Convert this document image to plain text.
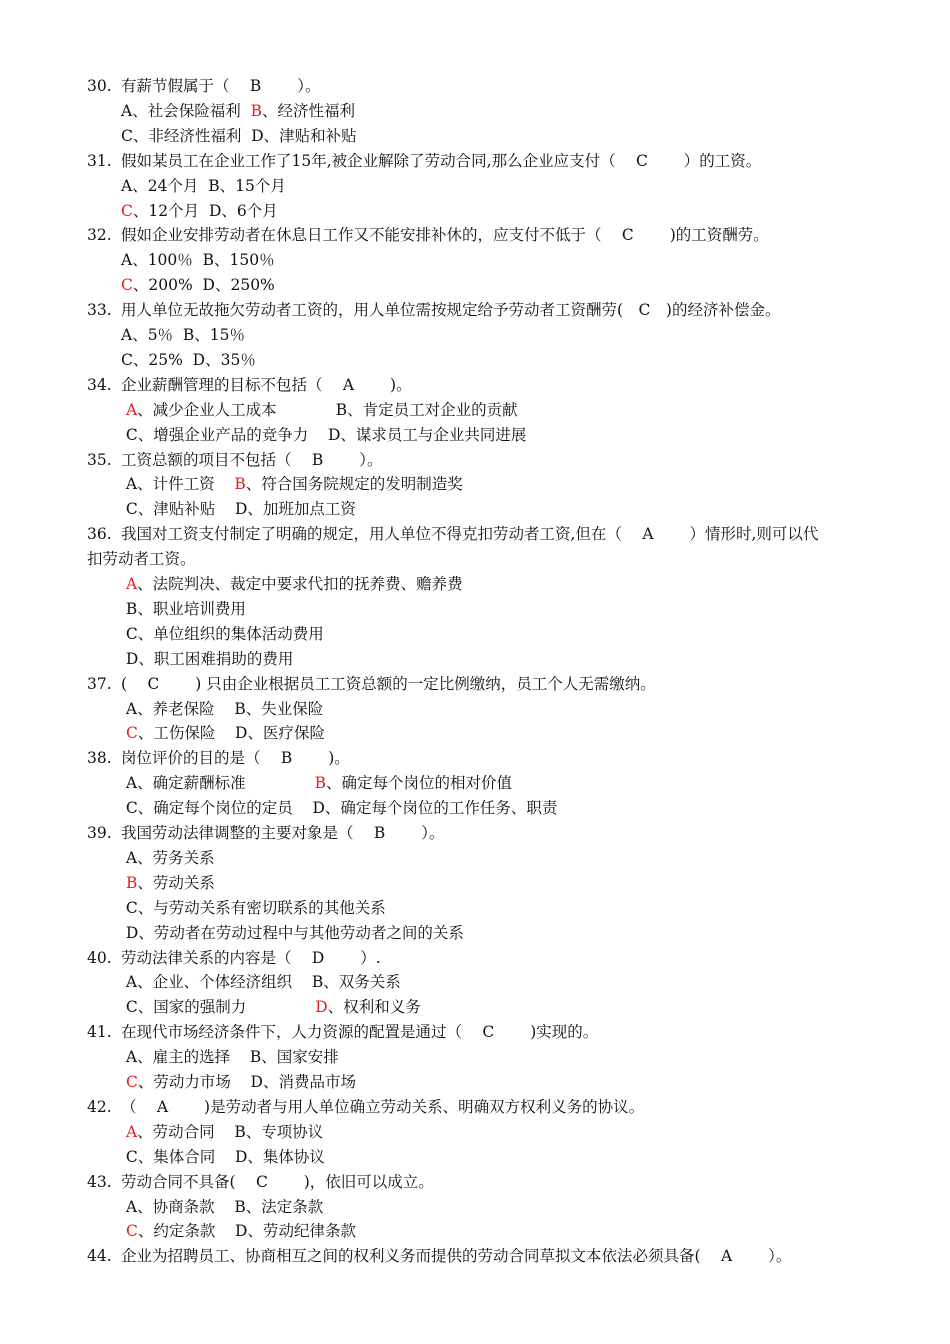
30. 有薪节假属于（　 B　　 ）。
A、社会保险福利  B、经济性福利
C、非经济性福利  D、津贴和补贴
31. 假如某员工在企业工作了15年,被企业解除了劳动合同,那么企业应支付（　 C　　 ）的工资。
A、24个月  B、15个月
C、12个月  D、6个月
32. 假如企业安排劳动者在休息日工作又不能安排补休的，应支付不低于（　 C　　 )的工资酬劳。
A、100％  B、150％
C、200%  D、250%
33. 用人单位无故拖欠劳动者工资的，用人单位需按规定给予劳动者工资酬劳(　C　)的经济补偿金。
A、5％  B、15％
C、25%  D、35％
34. 企业薪酬管理的目标不包括（　 A　　 )。
A、减少企业人工成本            B、肯定员工对企业的贡献
C、增强企业产品的竞争力    D、谋求员工与企业共同进展
35. 工资总额的项目不包括（　 B　　 ）。
A、计件工资    B、符合国务院规定的发明制造奖
C、津贴补贴    D、加班加点工资
36. 我国对工资支付制定了明确的规定，用人单位不得克扣劳动者工资,但在（　 A　　 ）情形时,则可以代
扣劳动者工资。
A、法院判决、裁定中要求代扣的抚养费、赡养费
B、职业培训费用
C、单位组织的集体活动费用
D、职工困难捐助的费用
37. (　 C　　 ) 只由企业根据员工工资总额的一定比例缴纳，员工个人无需缴纳。
A、养老保险    B、失业保险
C、工伤保险    D、医疗保险
38. 岗位评价的目的是（　 B　　 )。
A、确定薪酬标准              B、确定每个岗位的相对价值
C、确定每个岗位的定员    D、确定每个岗位的工作任务、职责
39. 我国劳动法律调整的主要对象是（　 B　　 ）。
A、劳务关系
B、劳动关系
C、与劳动关系有密切联系的其他关系
D、劳动者在劳动过程中与其他劳动者之间的关系
40. 劳动法律关系的内容是（　 D　　 ）.
A、企业、个体经济组织    B、双务关系
C、国家的强制力              D、权利和义务
41. 在现代市场经济条件下，人力资源的配置是通过（　 C　　 )实现的。
A、雇主的选择    B、国家安排
C、劳动力市场    D、消费品市场
42. （　 A　　 )是劳动者与用人单位确立劳动关系、明确双方权利义务的协议。
A、劳动合同    B、专项协议
C、集体合同    D、集体协议
43. 劳动合同不具备(　 C　　 )，依旧可以成立。
A、协商条款    B、法定条款
C、约定条款    D、劳动纪律条款
44. 企业为招聘员工、协商相互之间的权利义务而提供的劳动合同草拟文本依法必须具备(　 A　　 ）。
